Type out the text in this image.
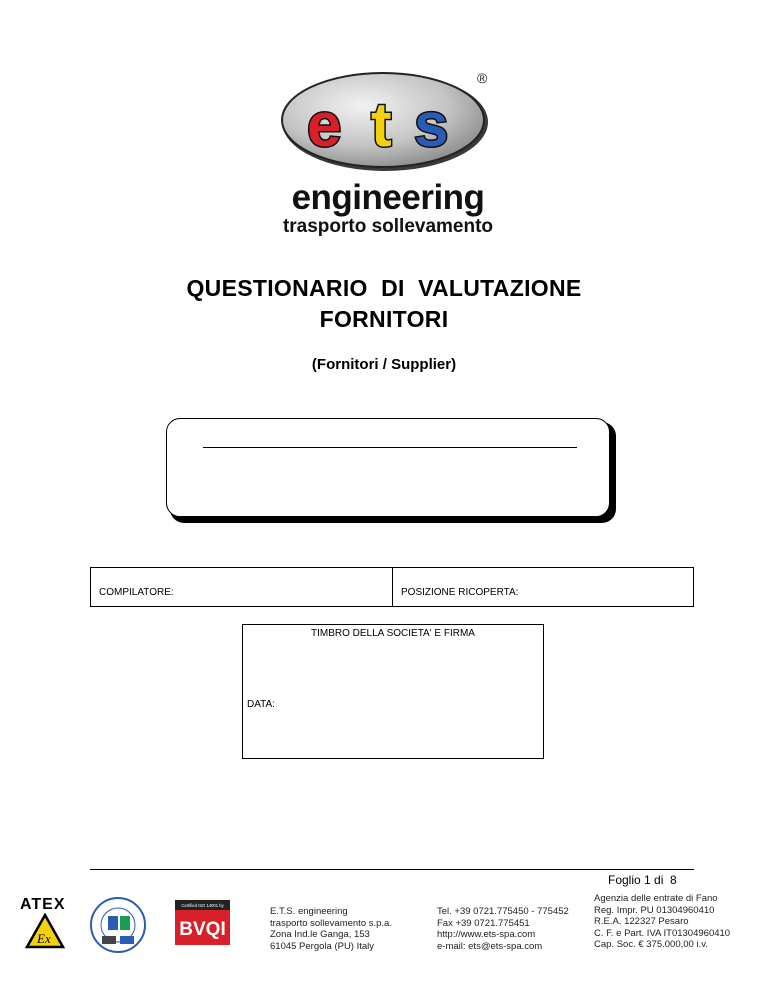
e t s
®
engineering
trasporto sollevamento
QUESTIONARIO  DI  VALUTAZIONE
FORNITORI
(Fornitori / Supplier)
COMPILATORE:	POSIZIONE RICOPERTA:
TIMBRO DELLA SOCIETA' E FIRMA
DATA:
Foglio 1 di  8
ATEX
Ex
Certified ISO 14001 by
BVQI
E.T.S. engineering
trasporto sollevamento s.p.a.
Zona Ind.le Ganga, 153
61045 Pergola (PU) Italy
Tel. +39 0721.775450 - 775452
Fax +39 0721.775451
http://www.ets-spa.com
e-mail: ets@ets-spa.com
Agenzia delle entrate di Fano
Reg. Impr. PU 01304960410
R.E.A. 122327 Pesaro
C. F. e Part. IVA IT01304960410
Cap. Soc. € 375.000,00 i.v.
